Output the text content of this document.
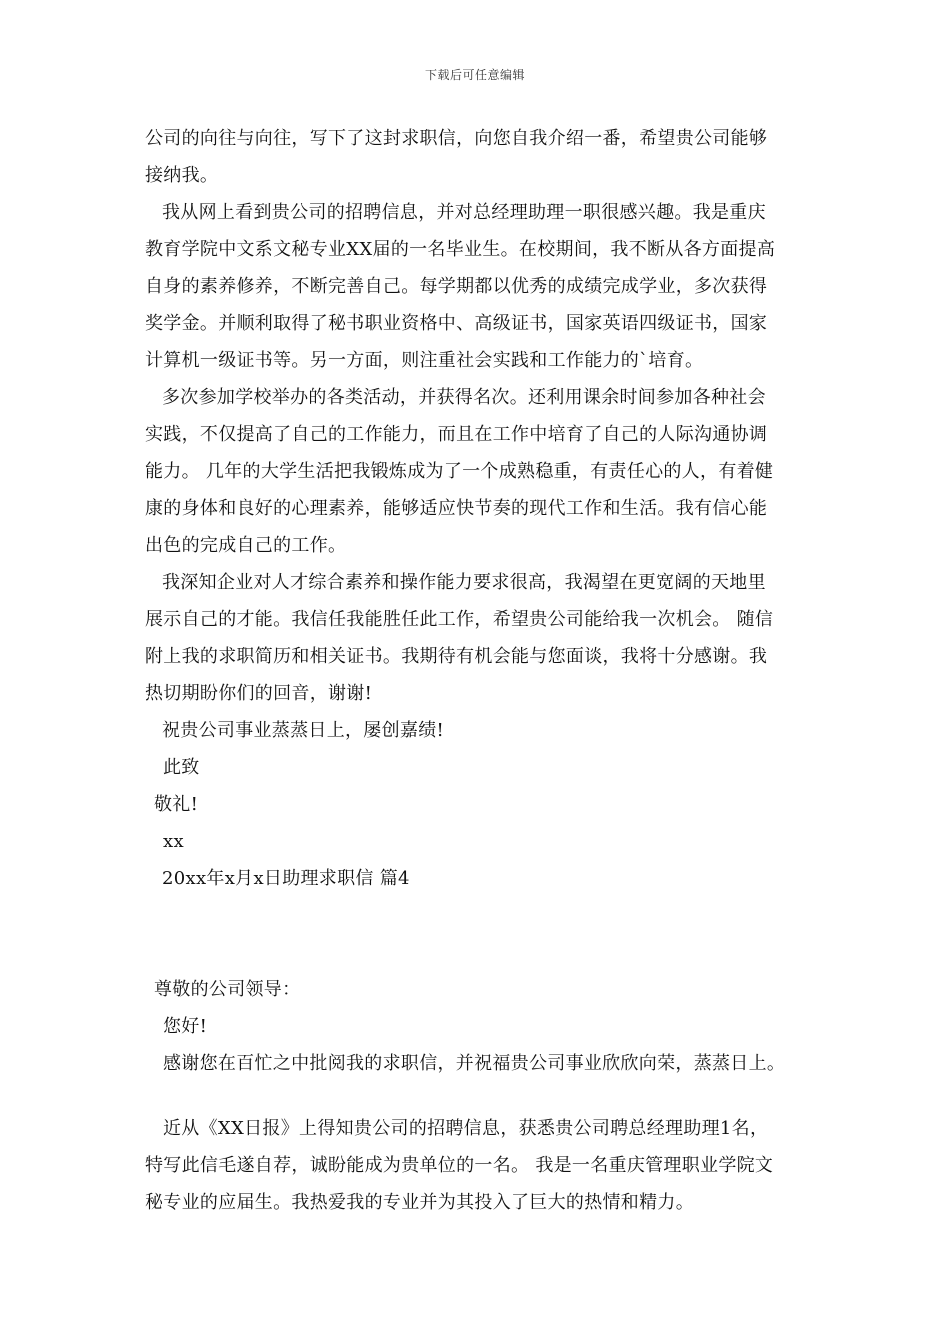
下载后可任意编辑
公司的向往与向往，写下了这封求职信，向您自我介绍一番，希望贵公司能够
接纳我。
我从网上看到贵公司的招聘信息，并对总经理助理一职很感兴趣。我是重庆
教育学院中文系文秘专业XX届的一名毕业生。在校期间，我不断从各方面提高
自身的素养修养，不断完善自己。每学期都以优秀的成绩完成学业，多次获得
奖学金。并顺利取得了秘书职业资格中、高级证书，国家英语四级证书，国家
计算机一级证书等。另一方面，则注重社会实践和工作能力的`培育。
多次参加学校举办的各类活动，并获得名次。还利用课余时间参加各种社会
实践，不仅提高了自己的工作能力，而且在工作中培育了自己的人际沟通协调
能力。 几年的大学生活把我锻炼成为了一个成熟稳重，有责任心的人，有着健
康的身体和良好的心理素养，能够适应快节奏的现代工作和生活。我有信心能
出色的完成自己的工作。
我深知企业对人才综合素养和操作能力要求很高，我渴望在更宽阔的天地里
展示自己的才能。我信任我能胜任此工作，希望贵公司能给我一次机会。 随信
附上我的求职简历和相关证书。我期待有机会能与您面谈，我将十分感谢。我
热切期盼你们的回音，谢谢!
祝贵公司事业蒸蒸日上，屡创嘉绩!
此致
敬礼!
xx
20xx年x月x日助理求职信 篇4
尊敬的公司领导：
您好!
感谢您在百忙之中批阅我的求职信，并祝福贵公司事业欣欣向荣，蒸蒸日上。
近从《XX日报》上得知贵公司的招聘信息，获悉贵公司聘总经理助理1名，
特写此信毛遂自荐，诚盼能成为贵单位的一名。 我是一名重庆管理职业学院文
秘专业的应届生。我热爱我的专业并为其投入了巨大的热情和精力。
